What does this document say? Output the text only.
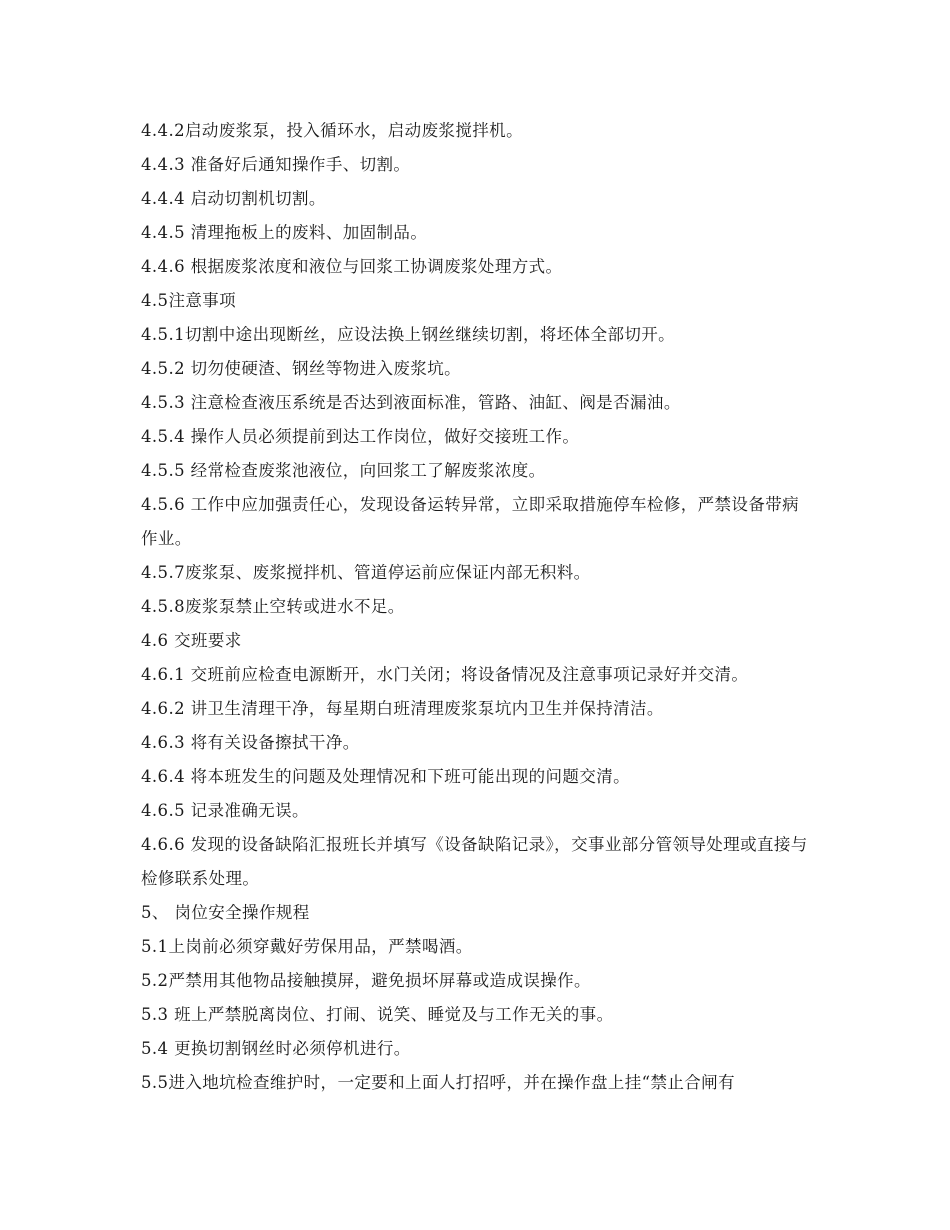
4.4.2启动废浆泵，投入循环水，启动废浆搅拌机。

4.4.3 准备好后通知操作手、切割。

4.4.4 启动切割机切割。

4.4.5 清理拖板上的废料、加固制品。

4.4.6 根据废浆浓度和液位与回浆工协调废浆处理方式。

4.5注意事项

4.5.1切割中途出现断丝，应设法换上钢丝继续切割，将坯体全部切开。

4.5.2 切勿使硬渣、钢丝等物进入废浆坑。

4.5.3 注意检查液压系统是否达到液面标准，管路、油缸、阀是否漏油。

4.5.4 操作人员必须提前到达工作岗位，做好交接班工作。

4.5.5 经常检查废浆池液位，向回浆工了解废浆浓度。

4.5.6 工作中应加强责任心，发现设备运转异常，立即采取措施停车检修，严禁设备带病作业。

4.5.7废浆泵、废浆搅拌机、管道停运前应保证内部无积料。

4.5.8废浆泵禁止空转或进水不足。

4.6 交班要求

4.6.1 交班前应检查电源断开，水门关闭；将设备情况及注意事项记录好并交清。

4.6.2 讲卫生清理干净，每星期白班清理废浆泵坑内卫生并保持清洁。

4.6.3 将有关设备擦拭干净。

4.6.4 将本班发生的问题及处理情况和下班可能出现的问题交清。

4.6.5 记录准确无误。

4.6.6 发现的设备缺陷汇报班长并填写《设备缺陷记录》，交事业部分管领导处理或直接与检修联系处理。

5、 岗位安全操作规程

5.1上岗前必须穿戴好劳保用品，严禁喝酒。

5.2严禁用其他物品接触摸屏，避免损坏屏幕或造成误操作。

5.3 班上严禁脱离岗位、打闹、说笑、睡觉及与工作无关的事。

5.4 更换切割钢丝时必须停机进行。

5.5进入地坑检查维护时，一定要和上面人打招呼，并在操作盘上挂“禁止合闸有
